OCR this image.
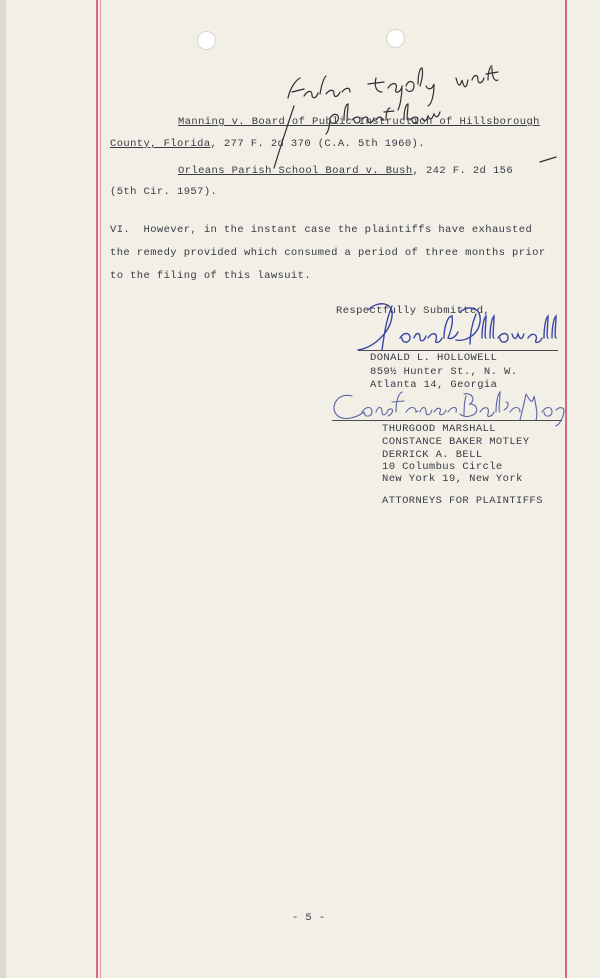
Manning v. Board of Public Instruction of Hillsborough
County, Florida, 277 F. 2d 370 (C.A. 5th 1960).
Orleans Parish School Board v. Bush, 242 F. 2d 156
(5th Cir. 1957).
VI.  However, in the instant case the plaintiffs have exhausted
the remedy provided which consumed a period of three months prior
to the filing of this lawsuit.
Respectfully Submitted,
DONALD L. HOLLOWELL
859½ Hunter St., N. W.
Atlanta 14, Georgia
THURGOOD MARSHALL
CONSTANCE BAKER MOTLEY
DERRICK A. BELL
10 Columbus Circle
New York 19, New York
ATTORNEYS FOR PLAINTIFFS
- 5 -
